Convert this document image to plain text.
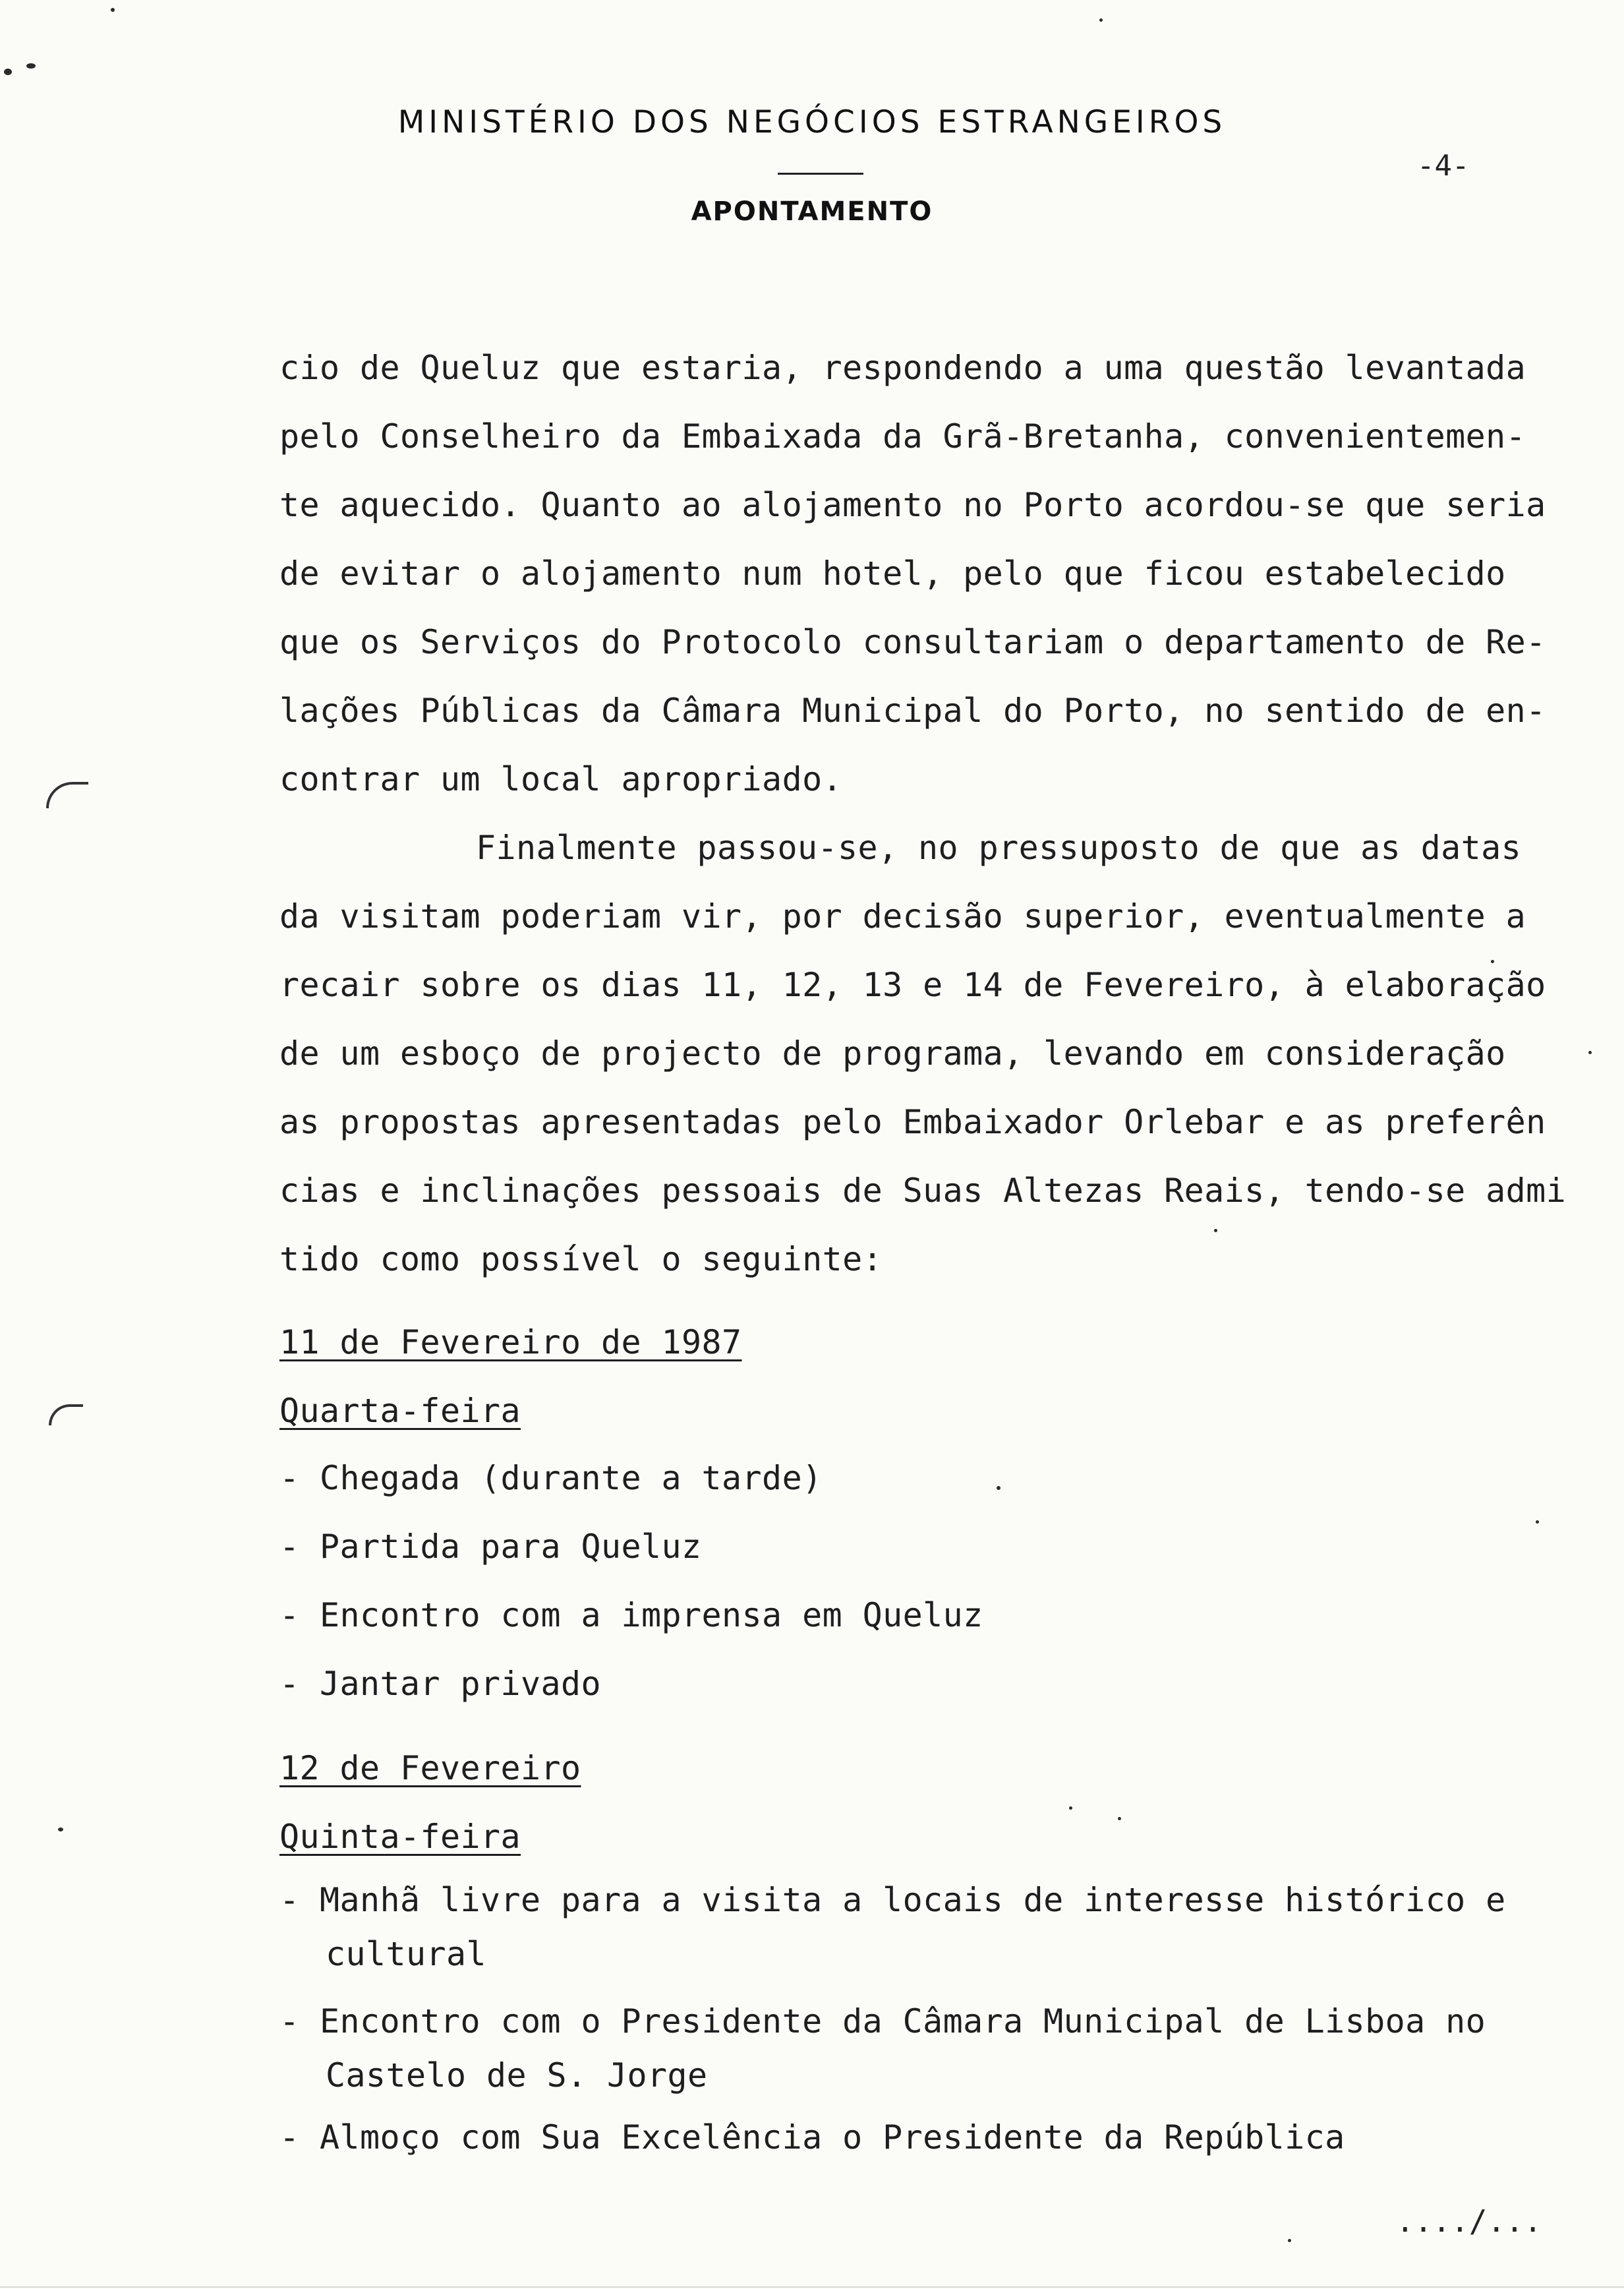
MINISTÉRIO DOS NEGÓCIOS ESTRANGEIROS
-4-
APONTAMENTO
cio de Queluz que estaria, respondendo a uma questão levantada
pelo Conselheiro da Embaixada da Grã-Bretanha, convenientemen-
te aquecido. Quanto ao alojamento no Porto acordou-se que seria
de evitar o alojamento num hotel, pelo que ficou estabelecido
que os Serviços do Protocolo consultariam o departamento de Re-
lações Públicas da Câmara Municipal do Porto, no sentido de en-
contrar um local apropriado.
Finalmente passou-se, no pressuposto de que as datas
da visitam poderiam vir, por decisão superior, eventualmente a
recair sobre os dias 11, 12, 13 e 14 de Fevereiro, à elaboração
de um esboço de projecto de programa, levando em consideração
as propostas apresentadas pelo Embaixador Orlebar e as preferên
cias e inclinações pessoais de Suas Altezas Reais, tendo-se admi
tido como possível o seguinte:
11 de Fevereiro de 1987
Quarta-feira
- Chegada (durante a tarde)
- Partida para Queluz
- Encontro com a imprensa em Queluz
- Jantar privado
12 de Fevereiro
Quinta-feira
- Manhã livre para a visita a locais de interesse histórico e
cultural
- Encontro com o Presidente da Câmara Municipal de Lisboa no
Castelo de S. Jorge
- Almoço com Sua Excelência o Presidente da República
..../...
